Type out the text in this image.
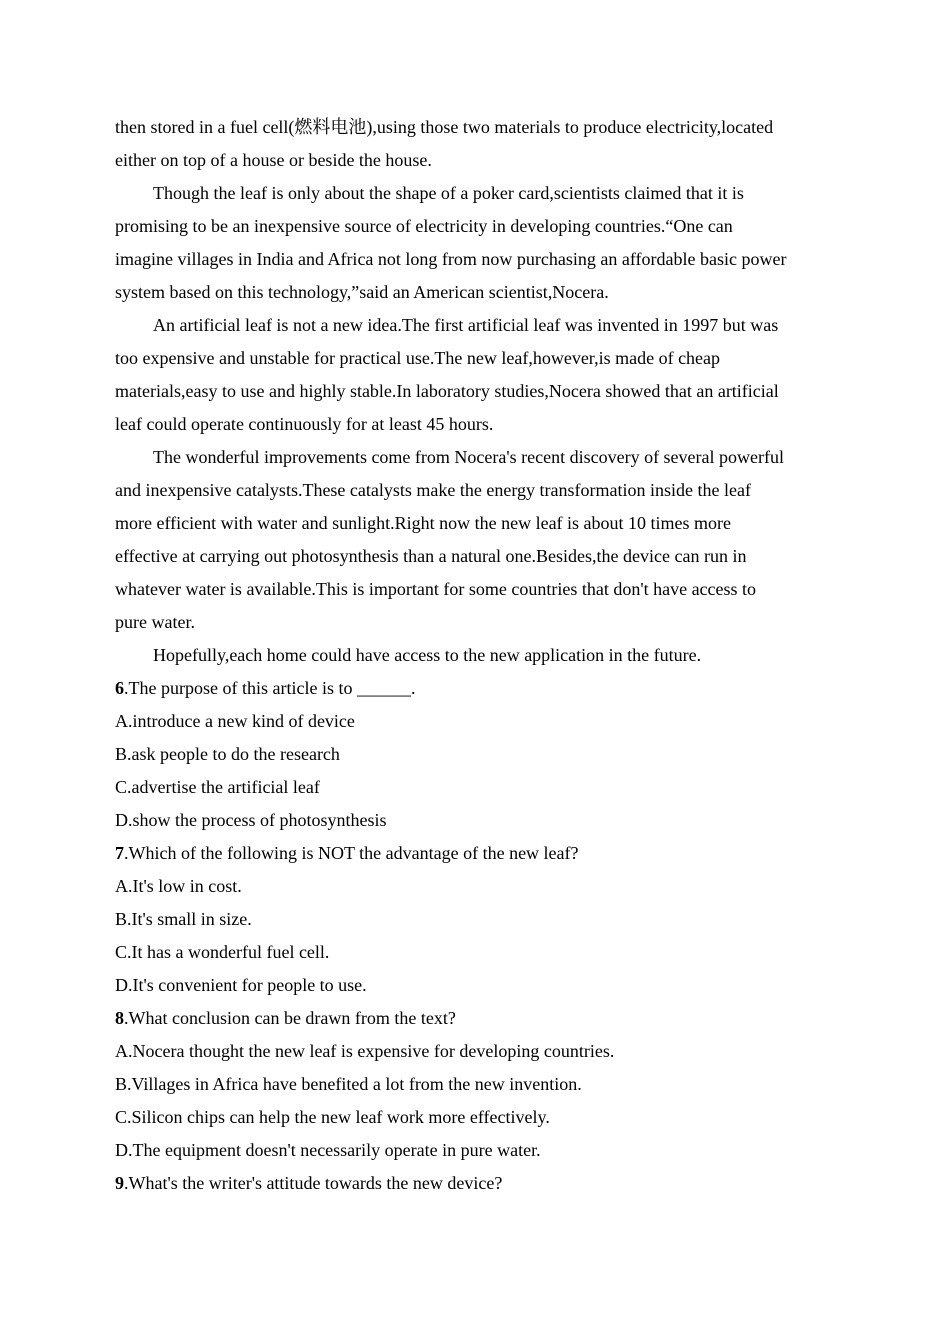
then stored in a fuel cell(燃料电池),using those two materials to produce electricity,located

either on top of a house or beside the house.

Though the leaf is only about the shape of a poker card,scientists claimed that it is

promising to be an inexpensive source of electricity in developing countries.“One can

imagine villages in India and Africa not long from now purchasing an affordable basic power

system based on this technology,”said an American scientist,Nocera.

An artificial leaf is not a new idea.The first artificial leaf was invented in 1997 but was

too expensive and unstable for practical use.The new leaf,however,is made of cheap

materials,easy to use and highly stable.In laboratory studies,Nocera showed that an artificial

leaf could operate continuously for at least 45 hours.

The wonderful improvements come from Nocera's recent discovery of several powerful

and inexpensive catalysts.These catalysts make the energy transformation inside the leaf

more efficient with water and sunlight.Right now the new leaf is about 10 times more

effective at carrying out photosynthesis than a natural one.Besides,the device can run in

whatever water is available.This is important for some countries that don't have access to

pure water.

Hopefully,each home could have access to the new application in the future.

6.The purpose of this article is to ______.

A.introduce a new kind of device

B.ask people to do the research

C.advertise the artificial leaf

D.show the process of photosynthesis

7.Which of the following is NOT the advantage of the new leaf?

A.It's low in cost.

B.It's small in size.

C.It has a wonderful fuel cell.

D.It's convenient for people to use.

8.What conclusion can be drawn from the text?

A.Nocera thought the new leaf is expensive for developing countries.

B.Villages in Africa have benefited a lot from the new invention.

C.Silicon chips can help the new leaf work more effectively.

D.The equipment doesn't necessarily operate in pure water.

9.What's the writer's attitude towards the new device?
